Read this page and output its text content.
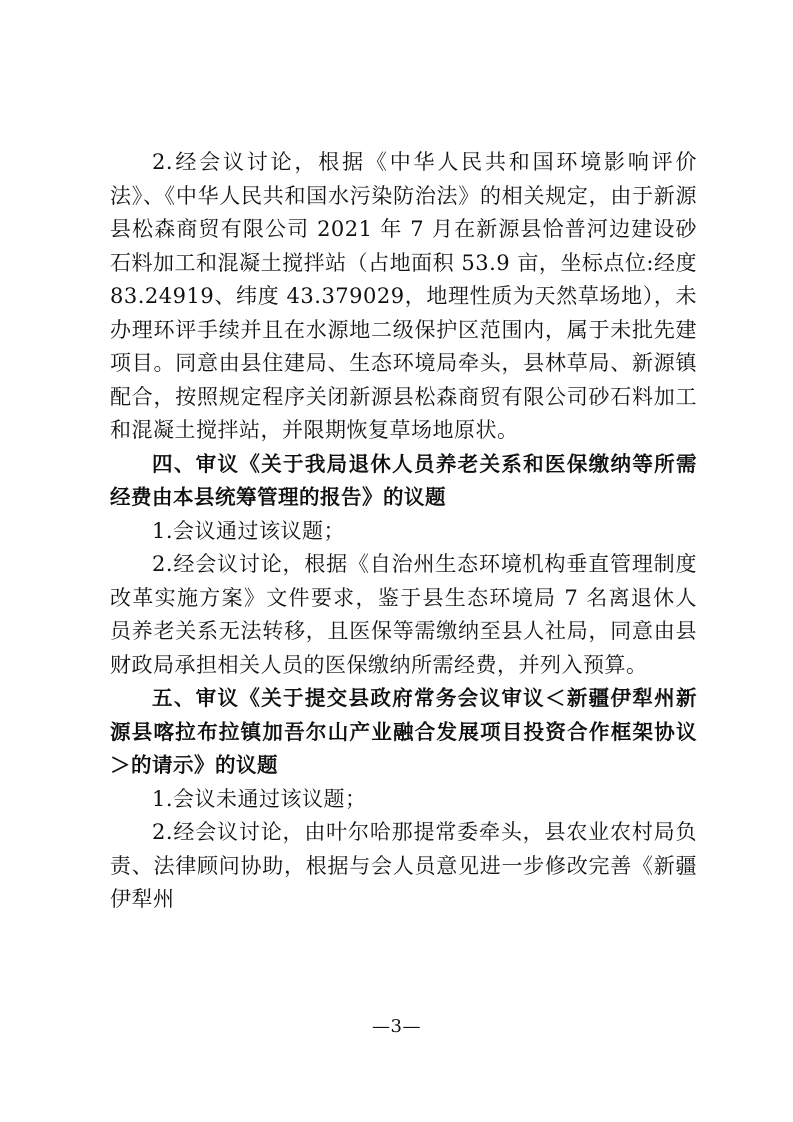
2.经会议讨论，根据《中华人民共和国环境影响评价法》、《中华人民共和国水污染防治法》的相关规定，由于新源县松森商贸有限公司 2021 年 7 月在新源县恰普河边建设砂石料加工和混凝土搅拌站（占地面积 53.9 亩，坐标点位:经度 83.24919、纬度 43.379029，地理性质为天然草场地），未办理环评手续并且在水源地二级保护区范围内，属于未批先建项目。同意由县住建局、生态环境局牵头，县林草局、新源镇配合，按照规定程序关闭新源县松森商贸有限公司砂石料加工和混凝土搅拌站，并限期恢复草场地原状。

四、审议《关于我局退休人员养老关系和医保缴纳等所需经费由本县统筹管理的报告》的议题

1.会议通过该议题；

2.经会议讨论，根据《自治州生态环境机构垂直管理制度改革实施方案》文件要求，鉴于县生态环境局 7 名离退休人员养老关系无法转移，且医保等需缴纳至县人社局，同意由县财政局承担相关人员的医保缴纳所需经费，并列入预算。

五、审议《关于提交县政府常务会议审议＜新疆伊犁州新源县喀拉布拉镇加吾尔山产业融合发展项目投资合作框架协议＞的请示》的议题

1.会议未通过该议题；

2.经会议讨论，由叶尔哈那提常委牵头，县农业农村局负责、法律顾问协助，根据与会人员意见进一步修改完善《新疆伊犁州

—3—
